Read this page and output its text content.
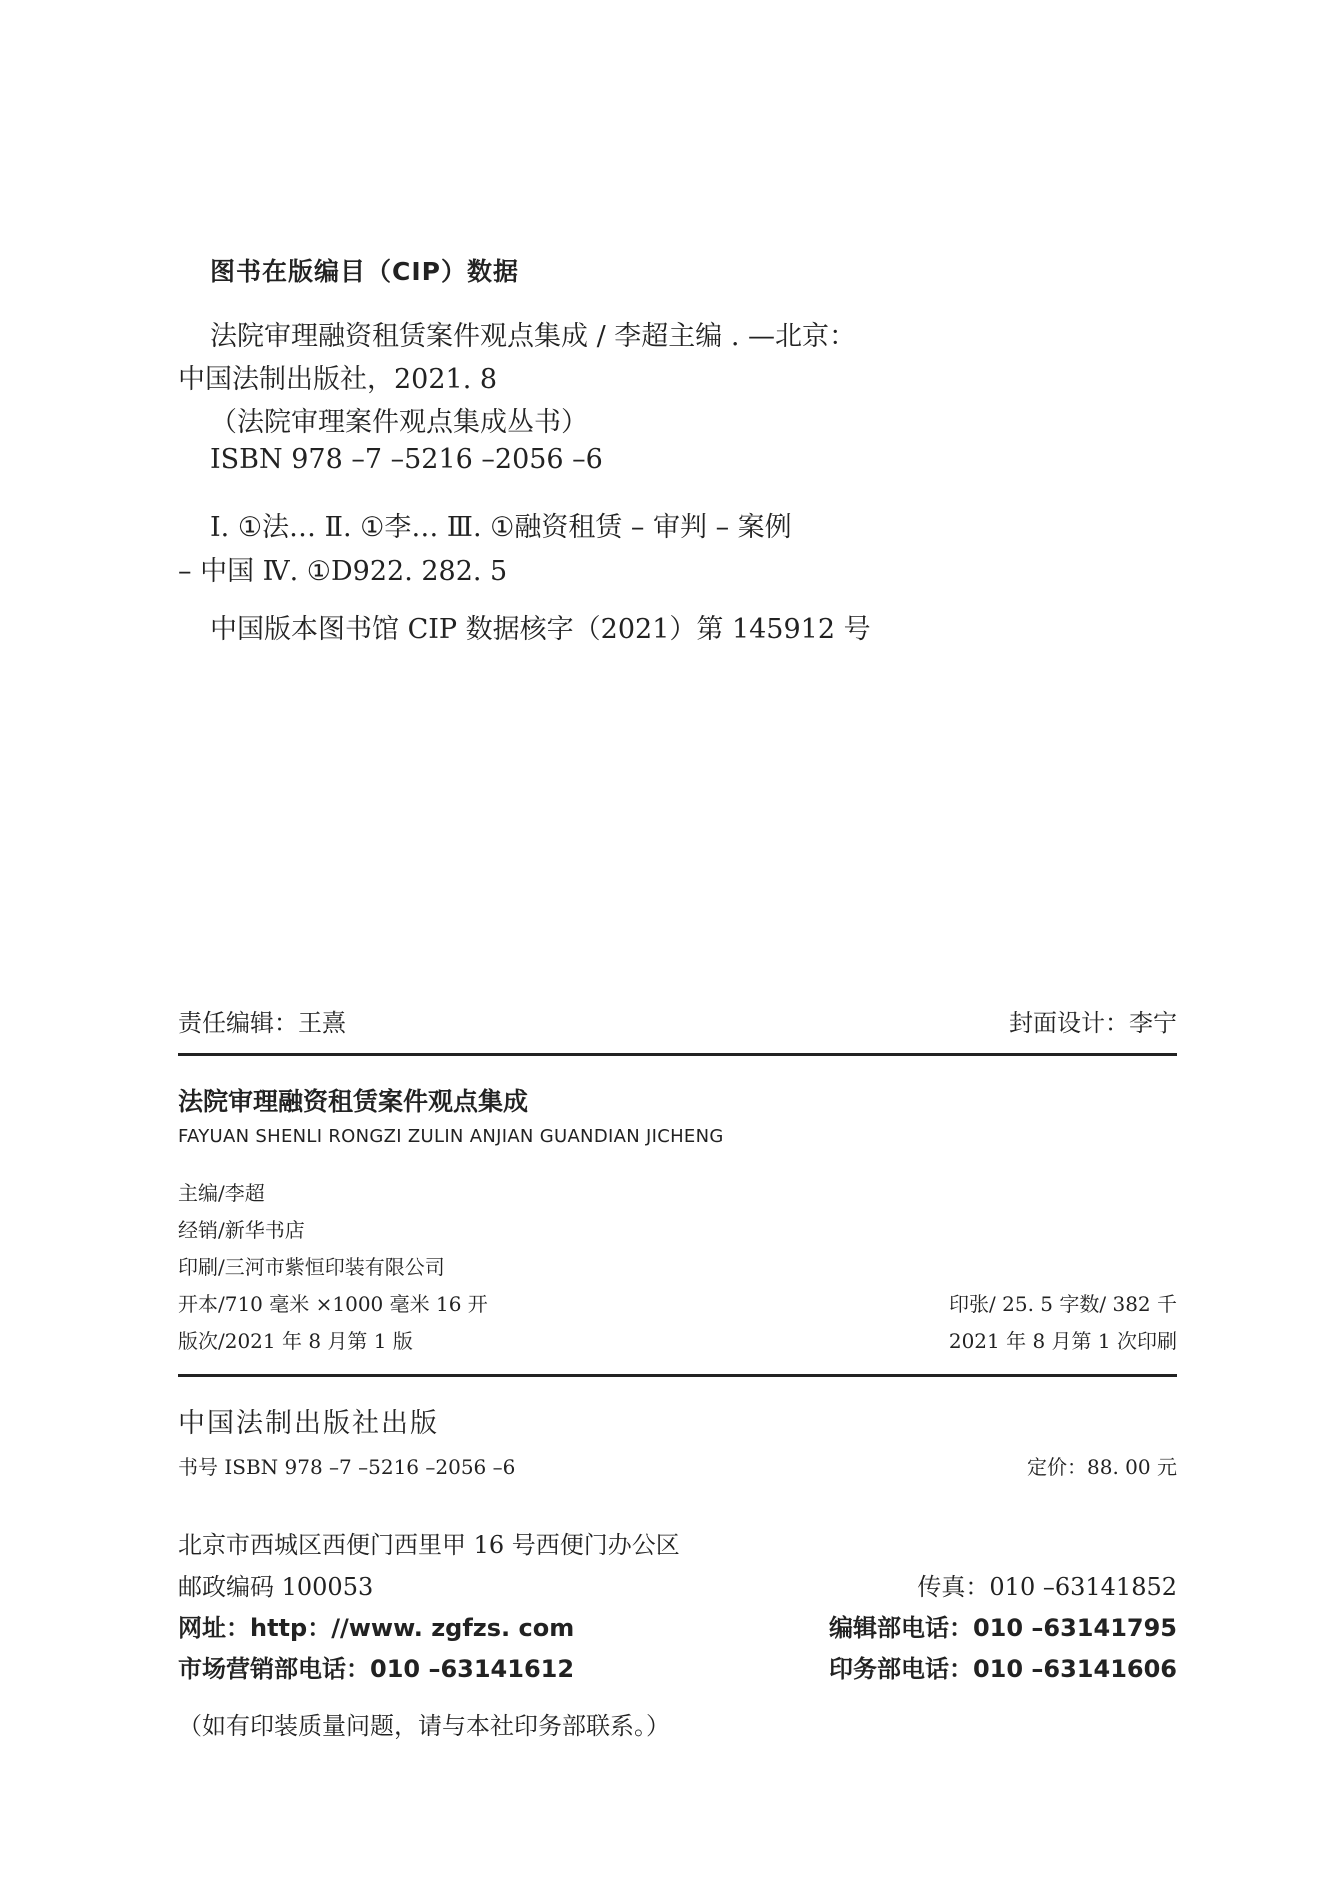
图书在版编目（CIP）数据
法院审理融资租赁案件观点集成 / 李超主编 . —北京：
中国法制出版社，2021. 8
（法院审理案件观点集成丛书）
ISBN 978 –7 –5216 –2056 –6
Ⅰ. ①法… Ⅱ. ①李… Ⅲ. ①融资租赁 – 审判 – 案例
– 中国 Ⅳ. ①D922. 282. 5
中国版本图书馆 CIP 数据核字（2021）第 145912 号
责任编辑：王熹	封面设计：李宁
法院审理融资租赁案件观点集成
FAYUAN SHENLI RONGZI ZULIN ANJIAN GUANDIAN JICHENG
主编/李超
经销/新华书店
印刷/三河市紫恒印装有限公司
开本/710 毫米 ×1000 毫米 16 开	印张/ 25. 5 字数/ 382 千
版次/2021 年 8 月第 1 版	2021 年 8 月第 1 次印刷
中国法制出版社出版
书号 ISBN 978 –7 –5216 –2056 –6	定价：88. 00 元
北京市西城区西便门西里甲 16 号西便门办公区
邮政编码 100053	传真：010 –63141852
网址：http：//www. zgfzs. com	编辑部电话：010 –63141795
市场营销部电话：010 –63141612	印务部电话：010 –63141606
（如有印装质量问题，请与本社印务部联系。）
